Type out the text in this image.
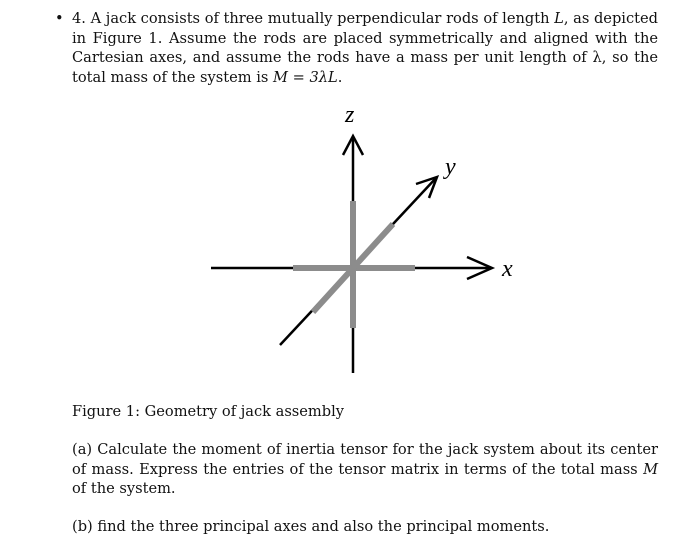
• 4. A jack consists of three mutually perpendicular rods of length L, as depicted in Figure 1. Assume the rods are placed symmetrically and aligned with the Cartesian axes, and assume the rods have a mass per unit length of λ, so the total mass of the system is M = 3λL.
x
y
z
Figure 1: Geometry of jack assembly
(a) Calculate the moment of inertia tensor for the jack system about its center of mass. Express the entries of the tensor matrix in terms of the total mass M of the system.
(b) find the three principal axes and also the principal moments.
